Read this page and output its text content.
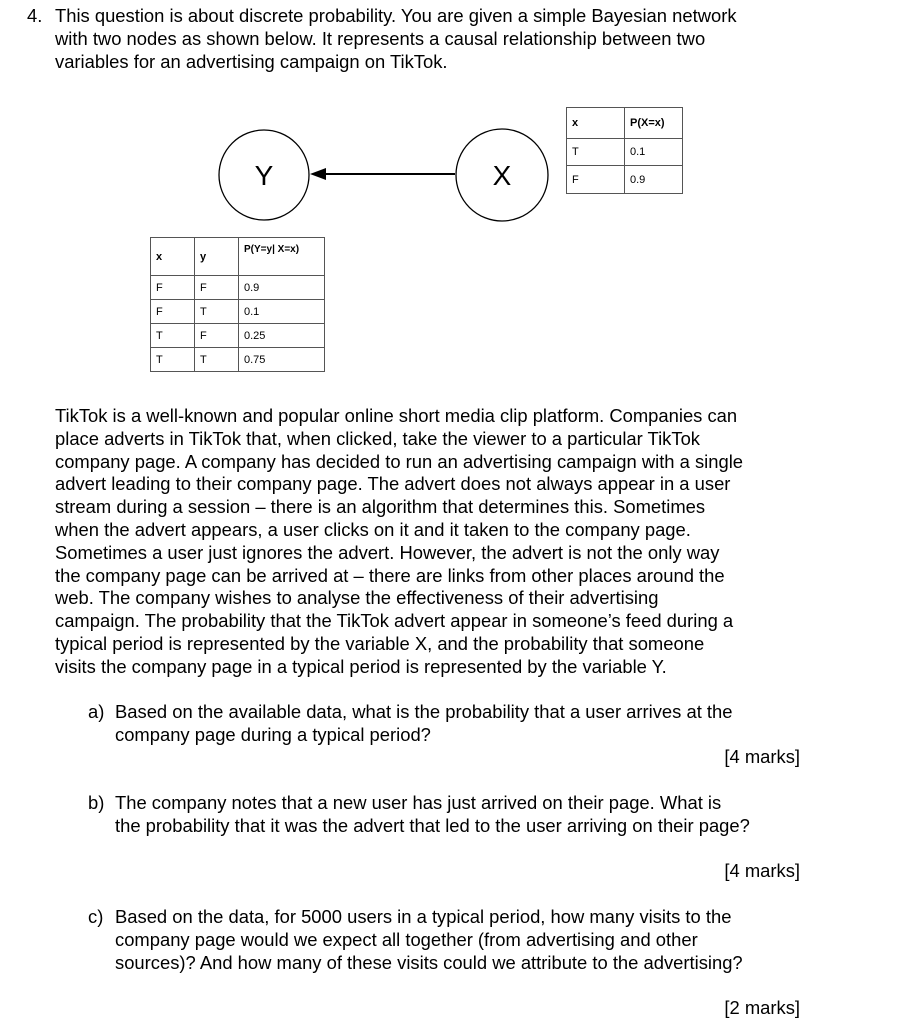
4. This question is about discrete probability. You are given a simple Bayesian network
with two nodes as shown below. It represents a causal relationship between two
variables for an advertising campaign on TikTok.
Y	X
x	P(X=x)
T	0.1
F	0.9
x	y	P(Y=y| X=x)
F	F	0.9
F	T	0.1
T	F	0.25
T	T	0.75
TikTok is a well-known and popular online short media clip platform. Companies can
place adverts in TikTok that, when clicked, take the viewer to a particular TikTok
company page. A company has decided to run an advertising campaign with a single
advert leading to their company page. The advert does not always appear in a user
stream during a session – there is an algorithm that determines this. Sometimes
when the advert appears, a user clicks on it and it taken to the company page.
Sometimes a user just ignores the advert. However, the advert is not the only way
the company page can be arrived at – there are links from other places around the
web. The company wishes to analyse the effectiveness of their advertising
campaign. The probability that the TikTok advert appear in someone’s feed during a
typical period is represented by the variable X, and the probability that someone
visits the company page in a typical period is represented by the variable Y.
a) Based on the available data, what is the probability that a user arrives at the
company page during a typical period?
[4 marks]
b) The company notes that a new user has just arrived on their page. What is
the probability that it was the advert that led to the user arriving on their page?
[4 marks]
c) Based on the data, for 5000 users in a typical period, how many visits to the
company page would we expect all together (from advertising and other
sources)? And how many of these visits could we attribute to the advertising?
[2 marks]
